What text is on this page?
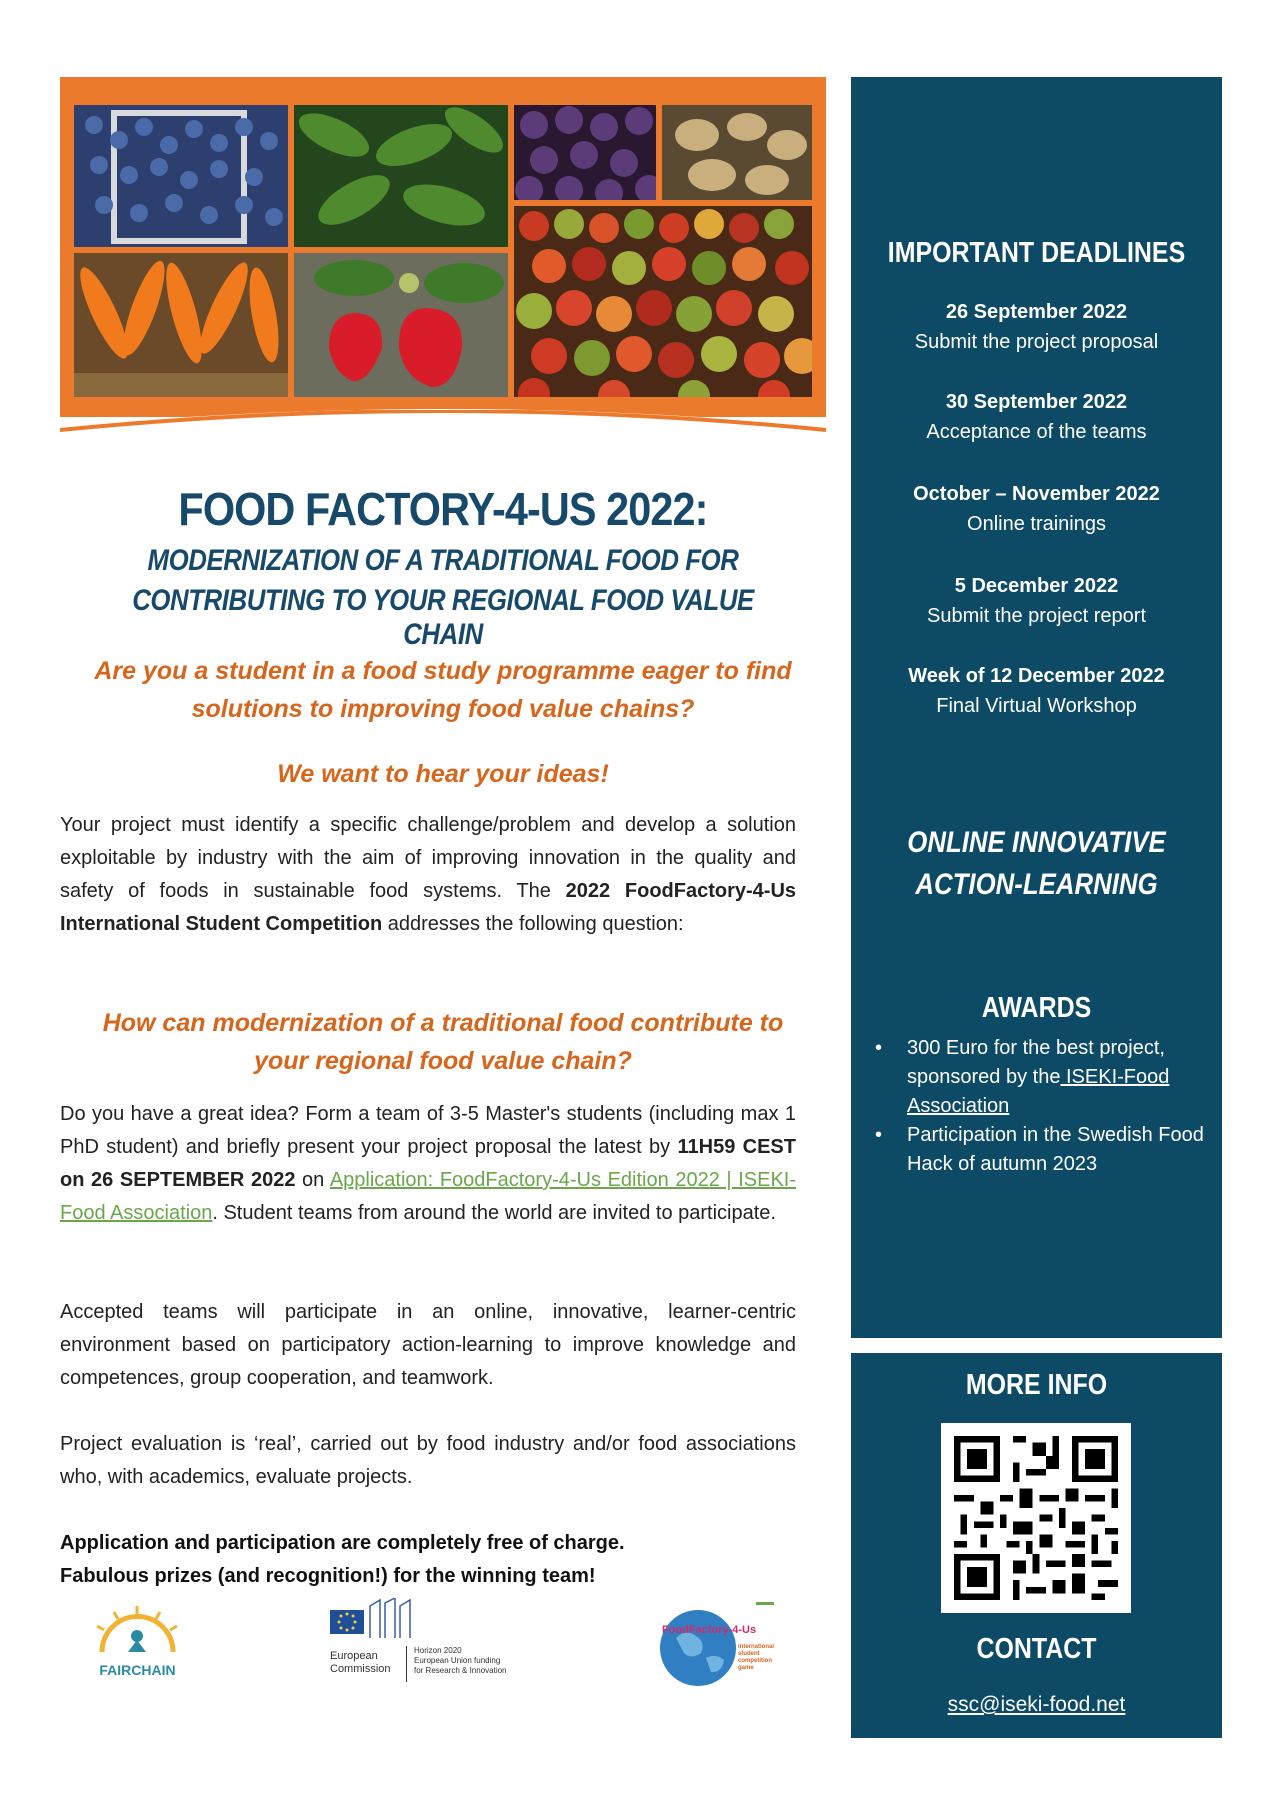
FOOD FACTORY-4-US 2022:
MODERNIZATION OF A TRADITIONAL FOOD FOR
CONTRIBUTING TO YOUR REGIONAL FOOD VALUE CHAIN
Are you a student in a food study programme eager to find
solutions to improving food value chains?
We want to hear your ideas!
Your project must identify a specific challenge/problem and develop a solution exploitable by industry with the aim of improving innovation in the quality and safety of foods in sustainable food systems. The 2022 FoodFactory-4-Us International Student Competition addresses the following question:
How can modernization of a traditional food contribute to
your regional food value chain?
Do you have a great idea? Form a team of 3-5 Master's students (including max 1 PhD student) and briefly present your project proposal the latest by 11H59 CEST on 26 SEPTEMBER 2022 on Application: FoodFactory-4-Us Edition 2022 | ISEKI-Food Association. Student teams from around the world are invited to participate.
Accepted teams will participate in an online, innovative, learner-centric environment based on participatory action-learning to improve knowledge and competences, group cooperation, and teamwork.
Project evaluation is ‘real’, carried out by food industry and/or food associations who, with academics, evaluate projects.
Application and participation are completely free of charge.
Fabulous prizes (and recognition!) for the winning team!
FAIRCHAIN
European
Commission
Horizon 2020
European Union funding
for Research & Innovation
FoodFactory-4-Us
international
student
competition
game
IMPORTANT DEADLINES
26 September 2022
Submit the project proposal
30 September 2022
Acceptance of the teams
October – November 2022
Online trainings
5 December 2022
Submit the project report
Week of 12 December 2022
Final Virtual Workshop
ONLINE INNOVATIVE
ACTION-LEARNING
AWARDS
• 300 Euro for the best project, sponsored by the ISEKI-Food Association
• Participation in the Swedish Food Hack of autumn 2023
MORE INFO
CONTACT
ssc@iseki-food.net
